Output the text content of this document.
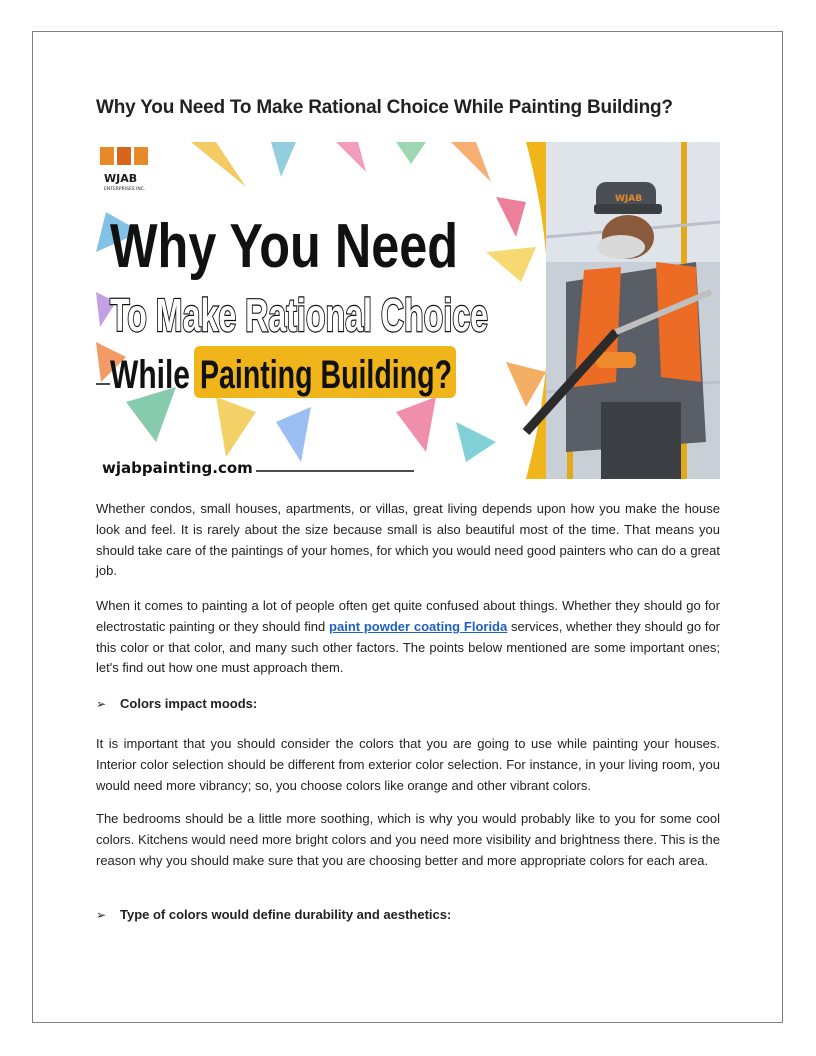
Why You Need To Make Rational Choice While Painting Building?
WJAB
WJAB
ENTERPRISES INC.
Why You Need
To Make Rational Choice
While Painting Building?
wjabpainting.com

Whether condos, small houses, apartments, or villas, great living depends upon how you make the house look and feel. It is rarely about the size because small is also beautiful most of the time. That means you should take care of the paintings of your homes, for which you would need good painters who can do a great job.

When it comes to painting a lot of people often get quite confused about things. Whether they should go for electrostatic painting or they should find paint powder coating Florida services, whether they should go for this color or that color, and many such other factors. The points below mentioned are some important ones; let's find out how one must approach them.

➢	Colors impact moods:

It is important that you should consider the colors that you are going to use while painting your houses. Interior color selection should be different from exterior color selection. For instance, in your living room, you would need more vibrancy; so, you choose colors like orange and other vibrant colors.

The bedrooms should be a little more soothing, which is why you would probably like to you for some cool colors. Kitchens would need more bright colors and you need more visibility and brightness there. This is the reason why you should make sure that you are choosing better and more appropriate colors for each area.

➢	Type of colors would define durability and aesthetics:
